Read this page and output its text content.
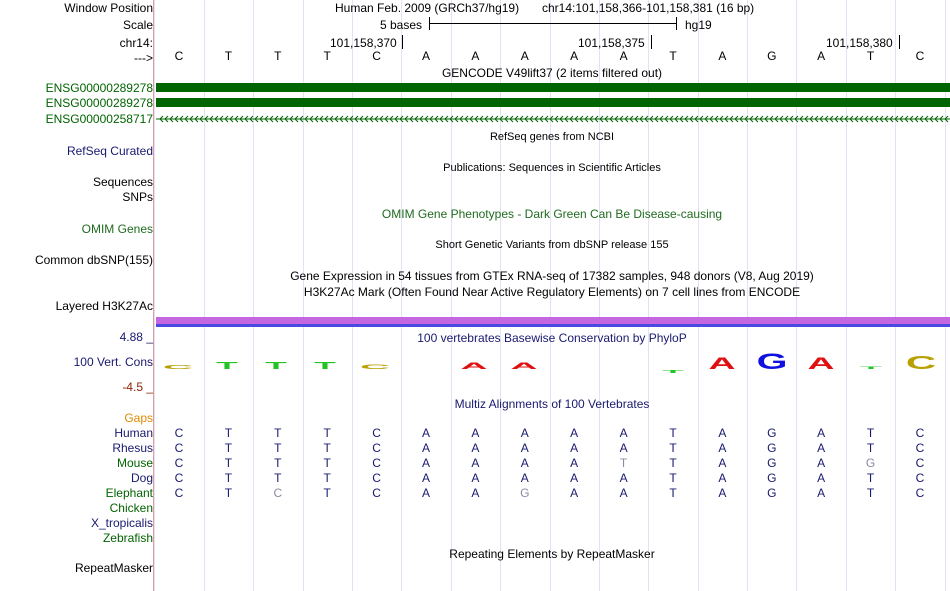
Window Position
Scale
chr14:
--->
Human Feb. 2009 (GRCh37/hg19) chr14:101,158,366-101,158,381 (16 bp)
5 bases	hg19
101,158,370	101,158,375	101,158,380
C	T	T	T	C	A	A	A	A	A	T	A	G	A	T	C
GENCODE V49lift37 (2 items filtered out)
ENSG00000289278
ENSG00000289278
ENSG00000258717
RefSeq genes from NCBI
RefSeq Curated
Publications: Sequences in Scientific Articles
Sequences
SNPs
OMIM Gene Phenotypes - Dark Green Can Be Disease-causing
OMIM Genes
Short Genetic Variants from dbSNP release 155
Common dbSNP(155)
Gene Expression in 54 tissues from GTEx RNA-seq of 17382 samples, 948 donors (V8, Aug 2019)
H3K27Ac Mark (Often Found Near Active Regulatory Elements) on 7 cell lines from ENCODE
Layered H3K27Ac
100 vertebrates Basewise Conservation by PhyloP
4.88 _
100 Vert. Cons
-4.5 _
C T T T C	A A
T A G A T C
Gaps
Multiz Alignments of 100 Vertebrates
Human C	T	T	T	C	A	A	A	A	A	T	A	G	A	T	C
Rhesus C	T	T	T	C	A	A	A	A	A	T	A	G	A	T	C
Mouse C	T	T	T	C	A	A	A	A	T	T	A	G	A	G	C
Dog C	T	T	T	C	A	A	A	A	A	T	A	G	A	T	C
Elephant C	T	C	T	C	A	A	G	A	A	T	A	G	A	T	C
Chicken
X_tropicalis
Zebrafish
Repeating Elements by RepeatMasker
RepeatMasker
